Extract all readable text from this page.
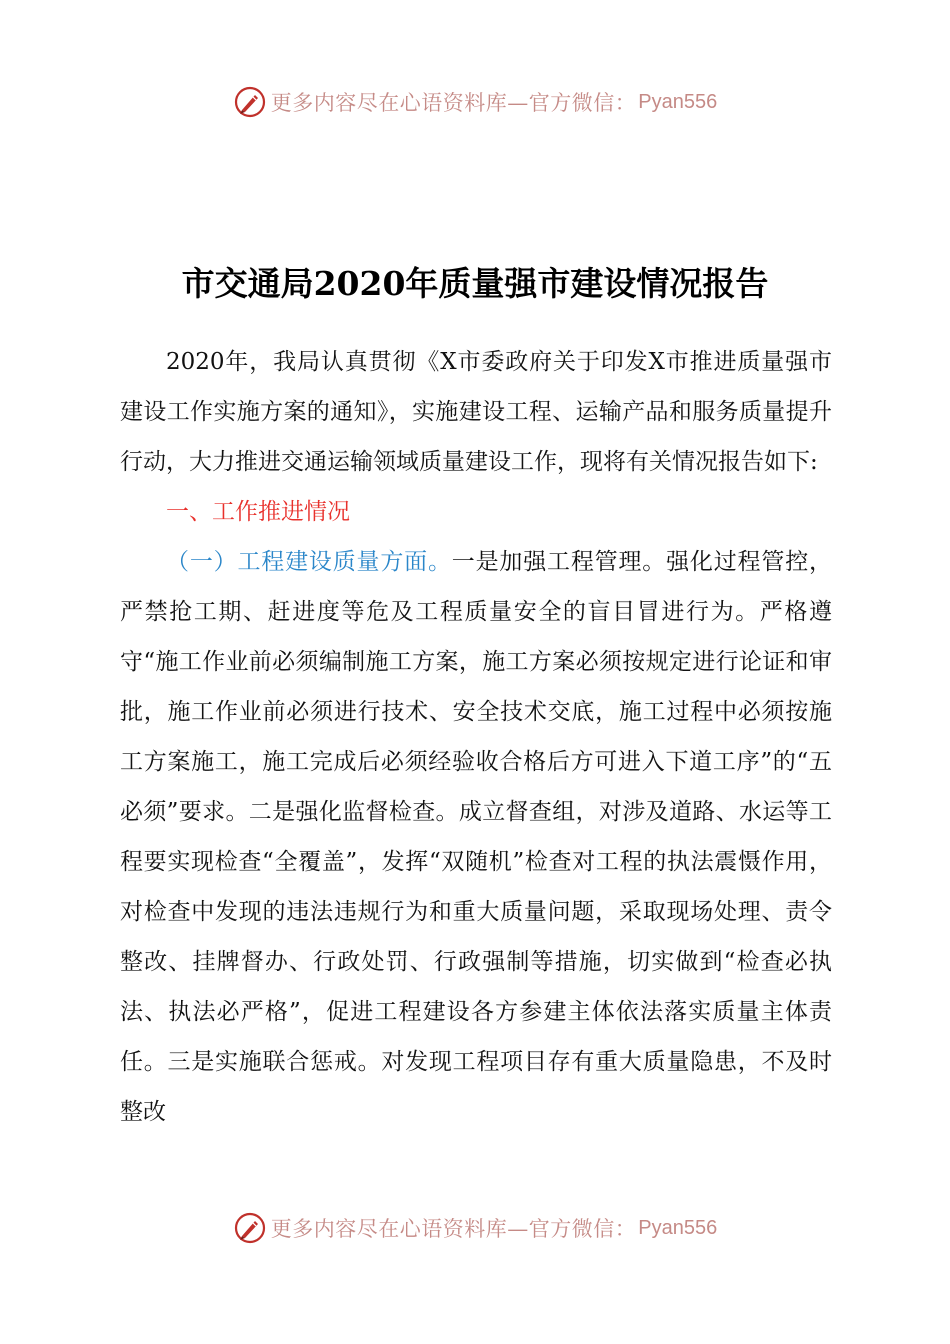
更多内容尽在心语资料库—官方微信： Pyan556
市交通局2020年质量强市建设情况报告

2020年，我局认真贯彻《X市委政府关于印发X市推进质量强市建设工作实施方案的通知》，实施建设工程、运输产品和服务质量提升行动，大力推进交通运输领域质量建设工作，现将有关情况报告如下:

一、工作推进情况

（一）工程建设质量方面。一是加强工程管理。强化过程管控，严禁抢工期、赶进度等危及工程质量安全的盲目冒进行为。严格遵守“施工作业前必须编制施工方案，施工方案必须按规定进行论证和审批，施工作业前必须进行技术、安全技术交底，施工过程中必须按施工方案施工，施工完成后必须经验收合格后方可进入下道工序”的“五必须”要求。二是强化监督检查。成立督查组，对涉及道路、水运等工程要实现检查“全覆盖”，发挥“双随机”检查对工程的执法震慑作用，对检查中发现的违法违规行为和重大质量问题，采取现场处理、责令整改、挂牌督办、行政处罚、行政强制等措施，切实做到“检查必执法、执法必严格”，促进工程建设各方参建主体依法落实质量主体责任。三是实施联合惩戒。对发现工程项目存有重大质量隐患，不及时整改

更多内容尽在心语资料库—官方微信： Pyan556
